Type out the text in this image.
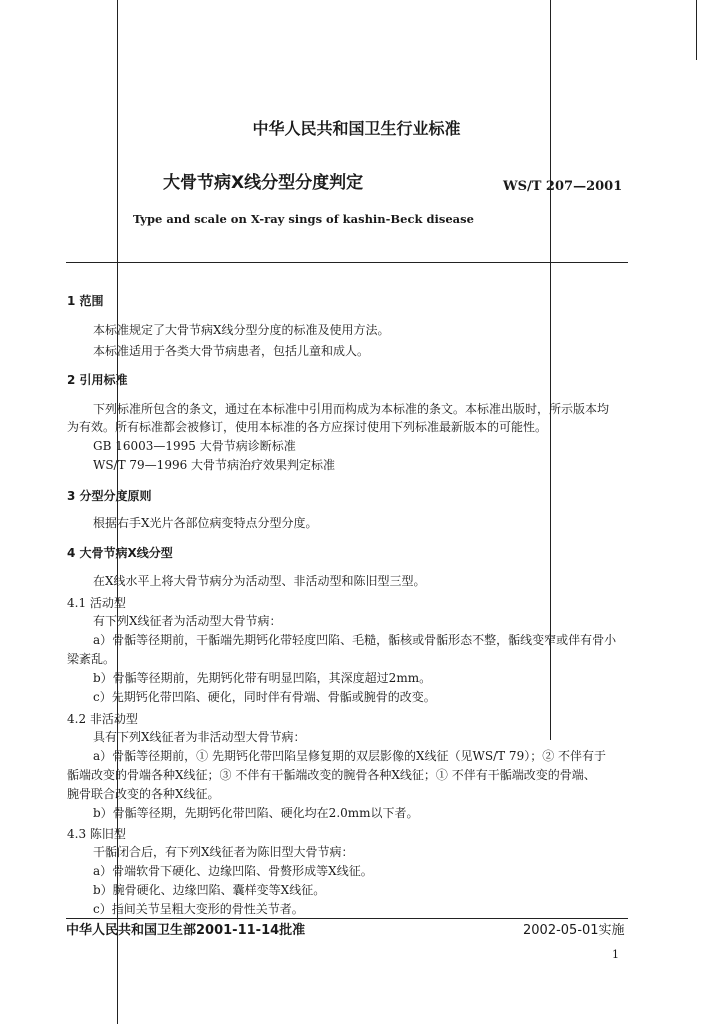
中华人民共和国卫生行业标准
大骨节病X线分型分度判定	WS/T 207—2001
Type and scale on X-ray sings of kashin-Beck disease
1 范围
本标准规定了大骨节病X线分型分度的标准及使用方法。
本标准适用于各类大骨节病患者，包括儿童和成人。
2 引用标准
下列标准所包含的条文，通过在本标准中引用而构成为本标准的条文。本标准出版时，所示版本均
为有效。所有标准都会被修订，使用本标准的各方应探讨使用下列标准最新版本的可能性。
GB 16003—1995 大骨节病诊断标准
WS/T 79—1996 大骨节病治疗效果判定标准
3 分型分度原则
根据右手X光片各部位病变特点分型分度。
4 大骨节病X线分型
在X线水平上将大骨节病分为活动型、非活动型和陈旧型三型。
4.1 活动型
有下列X线征者为活动型大骨节病：
a）骨骺等径期前，干骺端先期钙化带轻度凹陷、毛糙，骺核或骨骺形态不整，骺线变窄或伴有骨小
梁紊乱。
b）骨骺等径期前，先期钙化带有明显凹陷，其深度超过2mm。
c）先期钙化带凹陷、硬化，同时伴有骨端、骨骺或腕骨的改变。
4.2 非活动型
具有下列X线征者为非活动型大骨节病：
a）骨骺等径期前，① 先期钙化带凹陷呈修复期的双层影像的X线征（见WS/T 79）；② 不伴有于
骺端改变的骨端各种X线征；③ 不伴有干骺端改变的腕骨各种X线征；① 不伴有干骺端改变的骨端、
腕骨联合改变的各种X线征。
b）骨骺等径期，先期钙化带凹陷、硬化均在2.0mm以下者。
4.3 陈旧型
干骺闭合后，有下列X线征者为陈旧型大骨节病：
a）骨端软骨下硬化、边缘凹陷、骨赘形成等X线征。
b）腕骨硬化、边缘凹陷、囊样变等X线征。
c）指间关节呈粗大变形的骨性关节者。
中华人民共和国卫生部2001-11-14批准	2002-05-01实施
1
